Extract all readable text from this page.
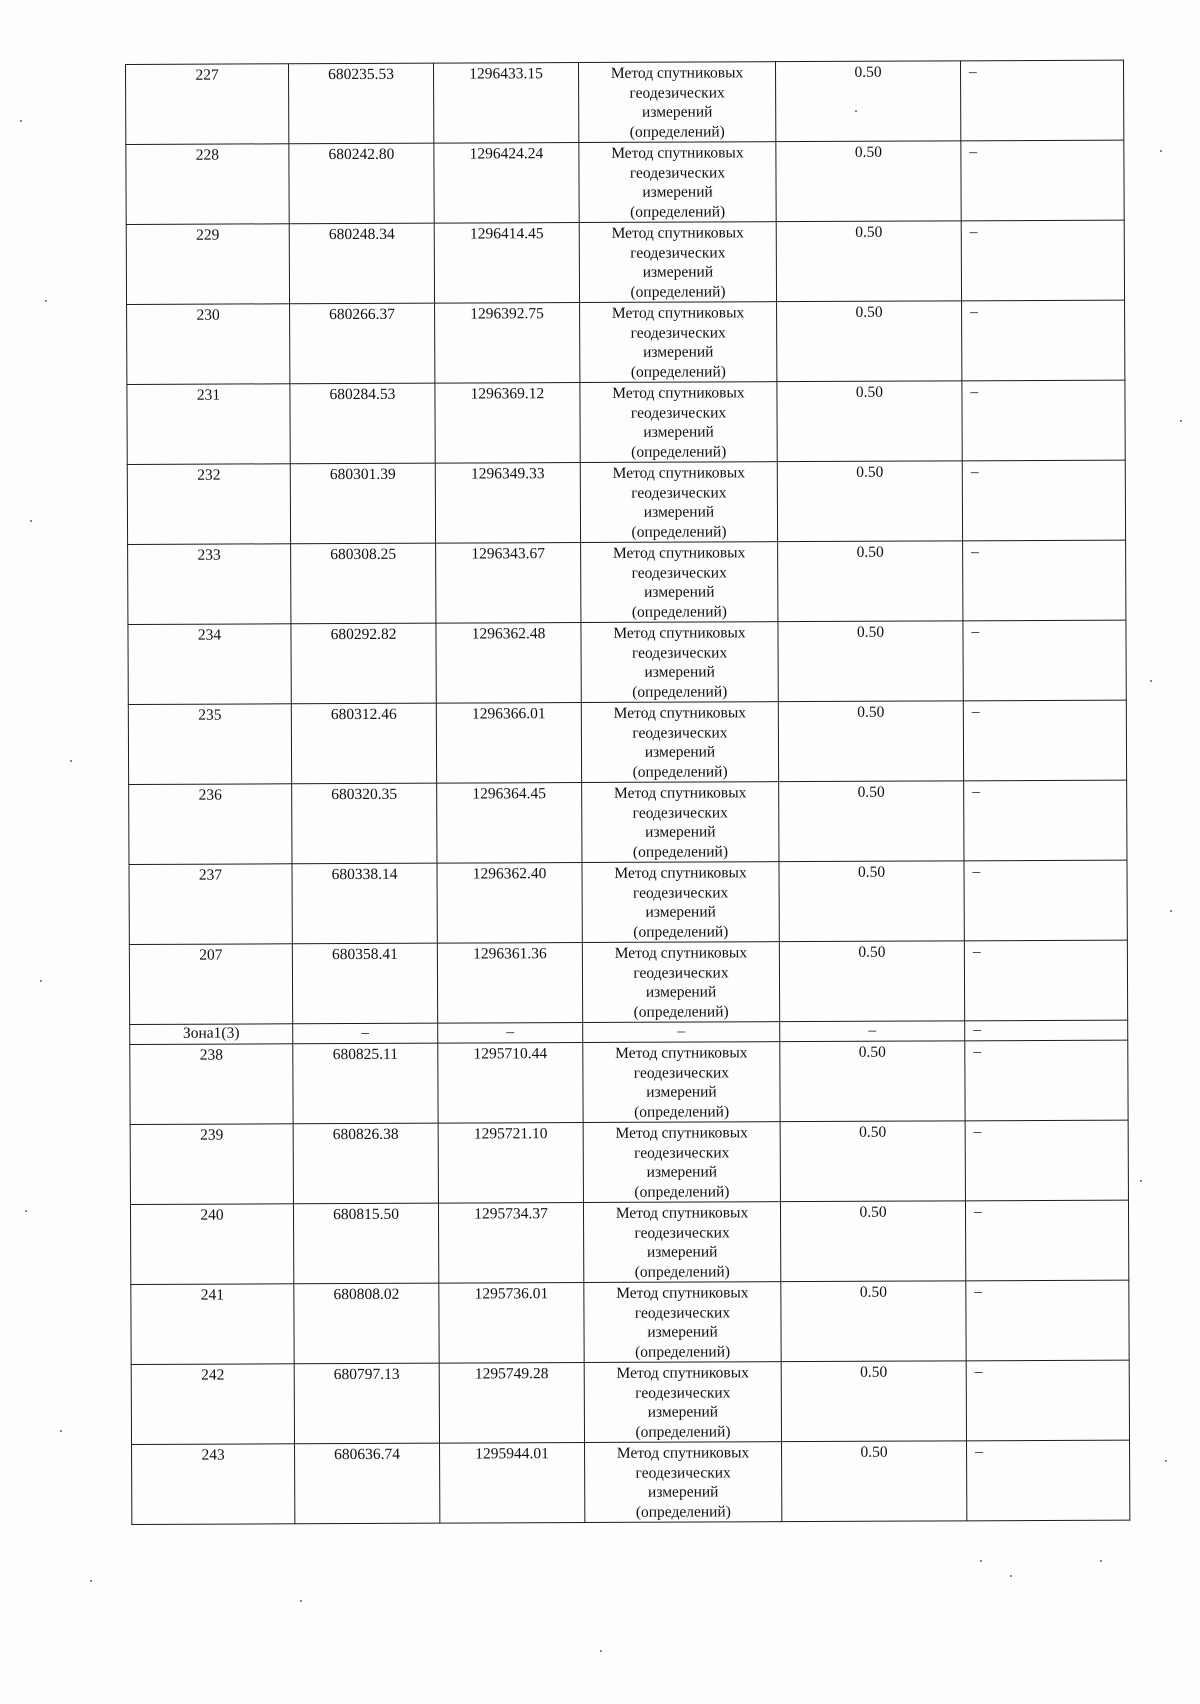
227	680235.53	1296433.15	Метод спутниковых
геодезических
измерений
(определений)	0.50	–
228	680242.80	1296424.24	Метод спутниковых
геодезических
измерений
(определений)	0.50	–
229	680248.34	1296414.45	Метод спутниковых
геодезических
измерений
(определений)	0.50	–
230	680266.37	1296392.75	Метод спутниковых
геодезических
измерений
(определений)	0.50	–
231	680284.53	1296369.12	Метод спутниковых
геодезических
измерений
(определений)	0.50	–
232	680301.39	1296349.33	Метод спутниковых
геодезических
измерений
(определений)	0.50	–
233	680308.25	1296343.67	Метод спутниковых
геодезических
измерений
(определений)	0.50	–
234	680292.82	1296362.48	Метод спутниковых
геодезических
измерений
(определений)	0.50	–
235	680312.46	1296366.01	Метод спутниковых
геодезических
измерений
(определений)	0.50	–
236	680320.35	1296364.45	Метод спутниковых
геодезических
измерений
(определений)	0.50	–
237	680338.14	1296362.40	Метод спутниковых
геодезических
измерений
(определений)	0.50	–
207	680358.41	1296361.36	Метод спутниковых
геодезических
измерений
(определений)	0.50	–
Зона1(3)	–	–	–	–	–
238	680825.11	1295710.44	Метод спутниковых
геодезических
измерений
(определений)	0.50	–
239	680826.38	1295721.10	Метод спутниковых
геодезических
измерений
(определений)	0.50	–
240	680815.50	1295734.37	Метод спутниковых
геодезических
измерений
(определений)	0.50	–
241	680808.02	1295736.01	Метод спутниковых
геодезических
измерений
(определений)	0.50	–
242	680797.13	1295749.28	Метод спутниковых
геодезических
измерений
(определений)	0.50	–
243	680636.74	1295944.01	Метод спутниковых
геодезических
измерений
(определений)	0.50	–
